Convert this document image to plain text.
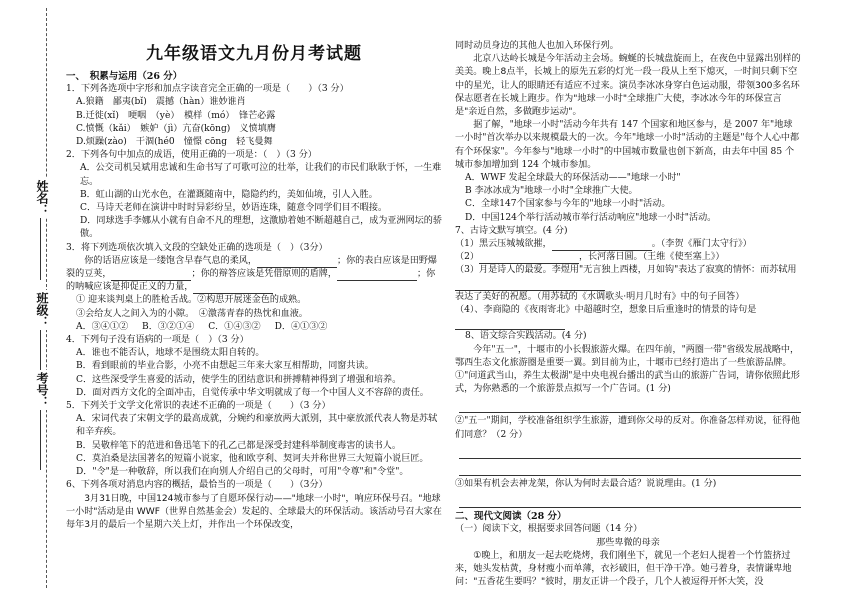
姓名：
班级：
考号：

九年级语文九月份月考试题

一、　积累与运用（26 分）

1．下列各选项中字形和加点字读音完全正确的一项是（　　）（3 分）

A.狼籍　鄙夷(bǐ)　震撼（hàn）谁妙谁肖

B.迁徙(xǐ)　哽咽　（yè）　模样（mó）　锋芒必露

C.愤慨（kǎi）　嫉妒（jì）亢奋(kōng)　义愤填膺

D.烦躁(zào)　干涸(hé0　憧憬 cōng　轻飞曼舞

2．下列各句中加点的成语，使用正确的一项是：（　）（3 分）

A．公交司机吴斌用忠诚和生命书写了可歌可泣的壮举，让我们的市民们耿耿于怀，一生难忘。

B．虹山湖的山光水色，在灌溉随南中，隐隐约约，美如仙境，引人入胜。

C．马诗天老师在演讲中时时异彩纷呈，妙语连珠，随意令同学们目不暇接。

D．同球选手李娜从小就有自命不凡的理想，这激励着她不断超越自己，成为亚洲网坛的骄傲。

3．将下列选项依次填入文段的空缺处正确的选项是（　）（3分）

你的话语应该是一缕饱含早春气息的柔风，	；你的表白应该是田野爆裂的豆荚，	；你的辩答应该是凭借原则的盾牌，	；你的呐喊应该是抑促正义的力量，

① 迎来谈判桌上的胜枪舌战。②构思开展迷金色的成熟。

③会给友人之间入为的小隙。　④激荡青春的热忱和血液。

A．③④①② B．③②①④ C．①④③② D．④①③②

4．下列句子没有语病的一项是（　）（3 分）

A．谁也不能否认，地球不是围绕太阳自转的。

B．看到眼前的毕业合影，小亮不由想起三年来大家互相帮助，同窗共读。

C．这些深受学生喜爱的活动，使学生的团结意识和拼搏精神得到了增强和培养。

D．面对西方文化的全面冲击，自觉传承中华文明就成了每一个中国人义不容辞的责任。

5．下列关于文学文化常识的表述不正确的一项是（　　）（3 分）

A．宋词代表了宋朝文学的最高成就，分婉约和豪放两大派别，其中豪放派代表人物是苏轼和辛弃疾。

B．吴敬梓笔下的范进和鲁迅笔下的孔乙己都是深受封建科举制度毒害的读书人。

C．莫泊桑是法国著名的短篇小说家，他和欧亨利、契诃夫并称世界三大短篇小说巨匠。

D．"令"是一种敬辞，所以我们在向别人介绍自己的父母时，可用"令尊"和"令堂"。

6、下列各项对消息内容的概括，最恰当的一项是（　　）（3分）

3月31日晚，中国124城市参与了自愿环保行动——"地球一小时"，响应环保号召。"地球一小时"活动是由 WWF（世界自然基金会）发起的、全球最大的环保活动。该活动号召大家在每年3月的最后一个星期六关上灯，并作出一个环保改变，

同时动员身边的其他人也加入环保行列。

北京八达岭长城是今年活动主会场。蜿蜒的长城盘旋而上，在夜色中显露出别样的美美。晚上8点半，长城上的原先五彩的灯光一段一段从上至下熄灭，一时间只剩下空中的星光，让人的眼睛还有适应不过来。演员李冰冰身穿白色运动服，带领300多名环保志愿者在长城上跑步。作为"地球一小时"全球推广大使，李冰冰今年的环保宣言是"亲近自然，多做跑步运动"。

据了解，"地球一小时"活动今年共有 147 个国家和地区参与，是 2007 年"地球一小时"首次举办以来规模最大的一次。今年"地球一小时"活动的主题是"每个人心中都有个环保家"。今年参与"地球一小时"的中国城市数量也创下新高，由去年中国 85 个城市参加增加到 124 个城市参加。

A．WWF 发起全球最大的环保活动——"地球一小时"

B 李冰冰成为"地球一小时"全球推广大使。

C．全球147个国家参与今年的"地球一小时"活动。

D．中国124个举行活动城市举行活动响应"地球一小时"活动。

7、古诗文默写填空。(4 分)

（1）黑云压城城欲摧，	。（李贺《雁门太守行》）

（2）	，长河落日圆。（王维《使至塞上》）

（3）月是诗人的最爱。李煜用"无言独上西楼，月如钩"表达了寂寞的情怀：而苏轼用

表达了美好的祝愿。（用苏轼的《水调歌头·明月几时有》中的句子回答）

（4）、李商隐的《夜雨寄北》中超越时空，想象日后重逢时的情景的诗句是

8、语文综合实践活动。(4 分)

今年"五一"，十堰市的小长假旅游火爆。在四年前，"两圈一带"省级发展战略中，鄂西生态文化旅游圈是重要一翼。到目前为止，十堰市已经打造出了一些旅游品牌。

①"问道武当山，养生太极湖"是中央电视台播出的武当山的旅游广告词，请你依照此形式，为你熟悉的一个旅游景点拟写一个广告词。(1 分)

②"五一"期间，学校准备组织学生旅游，遭到你父母的反对。你准备怎样劝说，征得他们同意？（2 分）

③如果有机会去神龙架，你认为何时去最合适？说说理由。(1 分)

二、现代文阅读（28 分）

（一）阅读下文，根据要求回答问题（14 分）

那些卑微的母亲

①晚上，和朋友一起去吃烧烤，我们刚坐下，就见一个老妇人提着一个竹篮挤过来，她头发枯黄，身材瘦小而单薄，衣衫破旧，但干净干净。她弓着身，表情谦卑地问："五香花生要吗？"彼时，朋友正讲一个段子，几个人被逗得开怀大笑，没
